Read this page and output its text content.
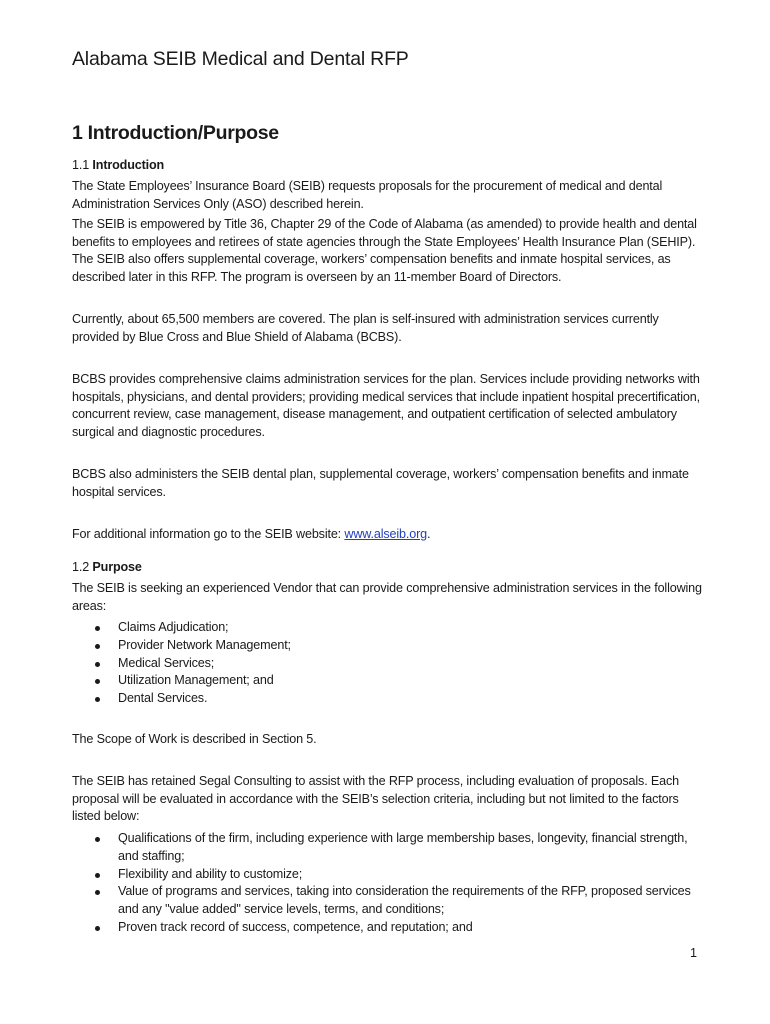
Alabama SEIB Medical and Dental RFP
1 Introduction/Purpose

1.1 Introduction

The State Employees’ Insurance Board (SEIB) requests proposals for the procurement of medical and dental Administration Services Only (ASO) described herein.

The SEIB is empowered by Title 36, Chapter 29 of the Code of Alabama (as amended) to provide health and dental benefits to employees and retirees of state agencies through the State Employees’ Health Insurance Plan (SEHIP). The SEIB also offers supplemental coverage, workers’ compensation benefits and inmate hospital services, as described later in this RFP. The program is overseen by an 11-member Board of Directors.

Currently, about 65,500 members are covered. The plan is self-insured with administration services currently provided by Blue Cross and Blue Shield of Alabama (BCBS).

BCBS provides comprehensive claims administration services for the plan. Services include providing networks with hospitals, physicians, and dental providers; providing medical services that include inpatient hospital precertification, concurrent review, case management, disease management, and outpatient certification of selected ambulatory surgical and diagnostic procedures.

BCBS also administers the SEIB dental plan, supplemental coverage, workers’ compensation benefits and inmate hospital services.

For additional information go to the SEIB website: www.alseib.org.

1.2 Purpose

The SEIB is seeking an experienced Vendor that can provide comprehensive administration services in the following areas:

Claims Adjudication;
Provider Network Management;
Medical Services;
Utilization Management; and
Dental Services.

The Scope of Work is described in Section 5.

The SEIB has retained Segal Consulting to assist with the RFP process, including evaluation of proposals. Each proposal will be evaluated in accordance with the SEIB’s selection criteria, including but not limited to the factors listed below:

Qualifications of the firm, including experience with large membership bases, longevity, financial strength, and staffing;
Flexibility and ability to customize;
Value of programs and services, taking into consideration the requirements of the RFP, proposed services and any "value added" service levels, terms, and conditions;
Proven track record of success, competence, and reputation; and
1
